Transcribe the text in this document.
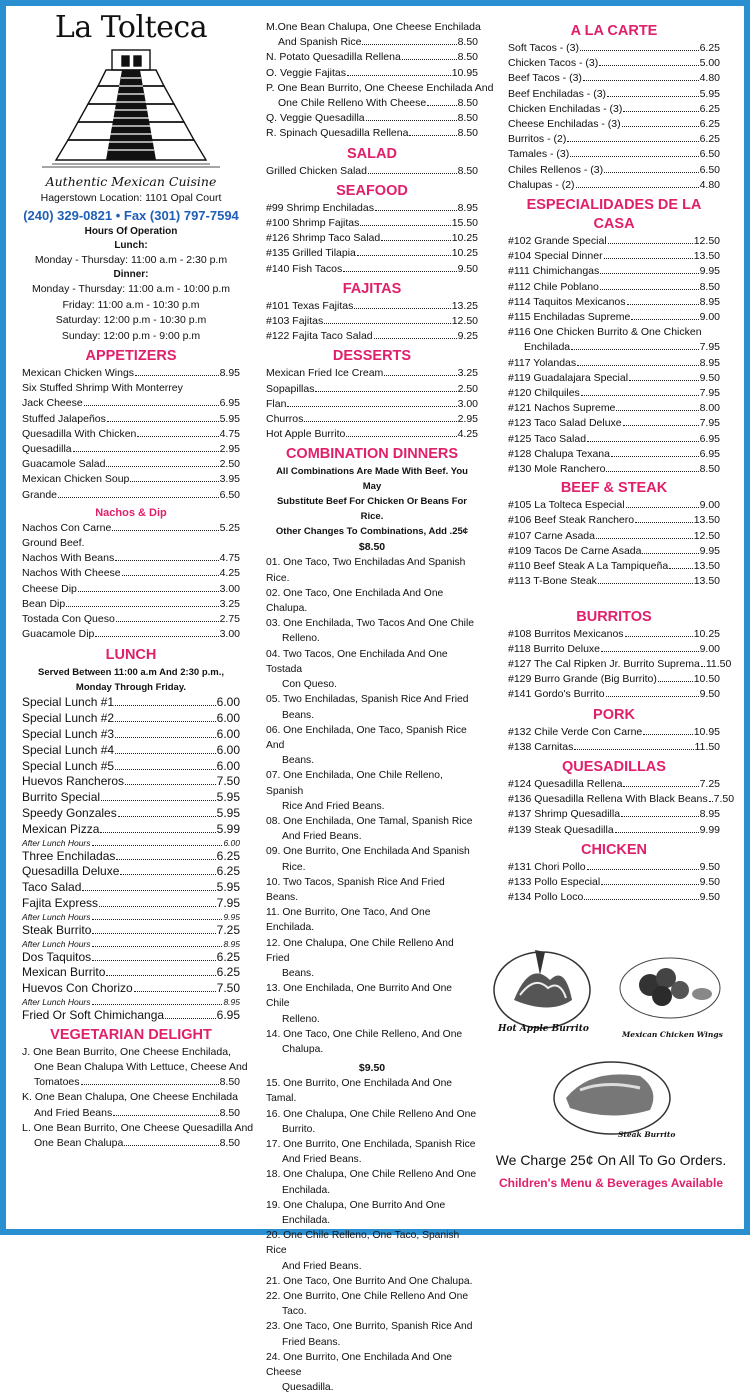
La Tolteca
Authentic Mexican Cuisine
Hagerstown Location: 1101 Opal Court
(240) 329-0821 • Fax (301) 797-7594
Hours Of Operation
Lunch:
Monday - Thursday: 11:00 a.m - 2:30 p.m
Dinner:
Monday - Thursday: 11:00 a.m - 10:00 p.m
Friday: 11:00 a.m - 10:30 p.m
Saturday: 12:00 p.m - 10:30 p.m
Sunday: 12:00 p.m - 9:00 p.m
APPETIZERS
Mexican Chicken Wings	8.95
Six Stuffed Shrimp With Monterrey
Jack Cheese	6.95
Stuffed Jalapeños	5.95
Quesadilla With Chicken	4.75
Quesadilla	2.95
Guacamole Salad	2.50
Mexican Chicken Soup	3.95
Grande	6.50
Nachos & Dip
Nachos Con Carne	5.25
Ground Beef.
Nachos With Beans	4.75
Nachos With Cheese	4.25
Cheese Dip	3.00
Bean Dip	3.25
Tostada Con Queso	2.75
Guacamole Dip	3.00
LUNCH
Served Between 11:00 a.m And 2:30 p.m.,
Monday Through Friday.
Special Lunch #1	6.00
Special Lunch #2	6.00
Special Lunch #3	6.00
Special Lunch #4	6.00
Special Lunch #5	6.00
Huevos Rancheros	7.50
Burrito Special	5.95
Speedy Gonzales	5.95
Mexican Pizza	5.99
After Lunch Hours	6.00
Three Enchiladas	6.25
Quesadilla Deluxe	6.25
Taco Salad	5.95
Fajita Express	7.95
After Lunch Hours	9.95
Steak Burrito	7.25
After Lunch Hours	8.95
Dos Taquitos	6.25
Mexican Burrito	6.25
Huevos Con Chorizo	7.50
After Lunch Hours	8.95
Fried Or Soft Chimichanga	6.95
VEGETARIAN DELIGHT
J. One Bean Burrito, One Cheese Enchilada,
One Bean Chalupa With Lettuce, Cheese And
Tomatoes	8.50
K. One Bean Chalupa, One Cheese Enchilada
And Fried Beans	8.50
L. One Bean Burrito, One Cheese Quesadilla And
One Bean Chalupa	8.50
M.One Bean Chalupa, One Cheese Enchilada
And Spanish Rice	8.50
N. Potato Quesadilla Rellena	8.50
O. Veggie Fajitas	10.95
P. One Bean Burrito, One Cheese Enchilada And
One Chile Relleno With Cheese	8.50
Q. Veggie Quesadilla	8.50
R. Spinach Quesadilla Rellena	8.50
SALAD
Grilled Chicken Salad	8.50
SEAFOOD
#99 Shrimp Enchiladas	8.95
#100 Shrimp Fajitas	15.50
#126 Shrimp Taco Salad	10.25
#135 Grilled Tilapia	10.25
#140 Fish Tacos	9.50
FAJITAS
#101 Texas Fajitas	13.25
#103 Fajitas	12.50
#122 Fajita Taco Salad	9.25
DESSERTS
Mexican Fried Ice Cream	3.25
Sopapillas	2.50
Flan	3.00
Churros	2.95
Hot Apple Burrito	4.25
COMBINATION DINNERS
All Combinations Are Made With Beef. You May
Substitute Beef For Chicken Or Beans For Rice.
Other Changes To Combinations, Add .25¢
$8.50
01. One Taco, Two Enchiladas And Spanish Rice.
02. One Taco, One Enchilada And One Chalupa.
03. One Enchilada, Two Tacos And One Chile
Relleno.
04. Two Tacos, One Enchilada And One Tostada
Con Queso.
05. Two Enchiladas, Spanish Rice And Fried
Beans.
06. One Enchilada, One Taco, Spanish Rice And
Beans.
07. One Enchilada, One Chile Relleno, Spanish
Rice And Fried Beans.
08. One Enchilada, One Tamal, Spanish Rice
And Fried Beans.
09. One Burrito, One Enchilada And Spanish
Rice.
10. Two Tacos, Spanish Rice And Fried Beans.
11. One Burrito, One Taco, And One Enchilada.
12. One Chalupa, One Chile Relleno And Fried
Beans.
13. One Enchilada, One Burrito And One Chile
Relleno.
14. One Taco, One Chile Relleno, And One
Chalupa.
$9.50
15. One Burrito, One Enchilada And One Tamal.
16. One Chalupa, One Chile Relleno And One
Burrito.
17. One Burrito, One Enchilada, Spanish Rice
And Fried Beans.
18. One Chalupa, One Chile Relleno And One
Enchilada.
19. One Chalupa, One Burrito And One
Enchilada.
20. One Chile Relleno, One Taco, Spanish Rice
And Fried Beans.
21. One Taco, One Burrito And One Chalupa.
22. One Burrito, One Chile Relleno And One
Taco.
23. One Taco, One Burrito, Spanish Rice And
Fried Beans.
24. One Burrito, One Enchilada And One Cheese
Quesadilla.
A LA CARTE
Soft Tacos - (3)	6.25
Chicken Tacos - (3)	5.00
Beef Tacos - (3)	4.80
Beef Enchiladas - (3)	5.95
Chicken Enchiladas - (3)	6.25
Cheese Enchiladas - (3)	6.25
Burritos - (2)	6.25
Tamales - (3)	6.50
Chiles Rellenos - (3)	6.50
Chalupas - (2)	4.80
ESPECIALIDADES DE LA
CASA
#102 Grande Special	12.50
#104 Special Dinner	13.50
#111 Chimichangas	9.95
#112 Chile Poblano	8.50
#114 Taquitos Mexicanos	8.95
#115 Enchiladas Supreme	9.00
#116 One Chicken Burrito & One Chicken
Enchilada	7.95
#117 Yolandas	8.95
#119 Guadalajara Special	9.50
#120 Chilquiles	7.95
#121 Nachos Supreme	8.00
#123 Taco Salad Deluxe	7.95
#125 Taco Salad	6.95
#128 Chalupa Texana	6.95
#130 Mole Ranchero	8.50
BEEF & STEAK
#105 La Tolteca Especial	9.00
#106 Beef Steak Ranchero	13.50
#107 Carne Asada	12.50
#109 Tacos De Carne Asada	9.95
#110 Beef Steak A La Tampiqueña 13.50
#113 T-Bone Steak	13.50
BURRITOS
#108 Burritos Mexicanos	10.25
#118 Burrito Deluxe	9.00
#127 The Cal Ripken Jr. Burrito Suprema 11.50
#129 Burro Grande (Big Burrito)	10.50
#141 Gordo's Burrito	9.50
PORK
#132 Chile Verde Con Carne	10.95
#138 Carnitas	11.50
QUESADILLAS
#124 Quesadilla Rellena	7.25
#136 Quesadilla Rellena With Black Beans 7.50
#137 Shrimp Quesadilla	8.95
#139 Steak Quesadilla	9.99
CHICKEN
#131 Chori Pollo	9.50
#133 Pollo Especial	9.50
#134 Pollo Loco	9.50
Hot Apple Burrito
Mexican Chicken Wings
Steak Burrito
We Charge 25¢ On All To Go Orders.
Children's Menu & Beverages Available
